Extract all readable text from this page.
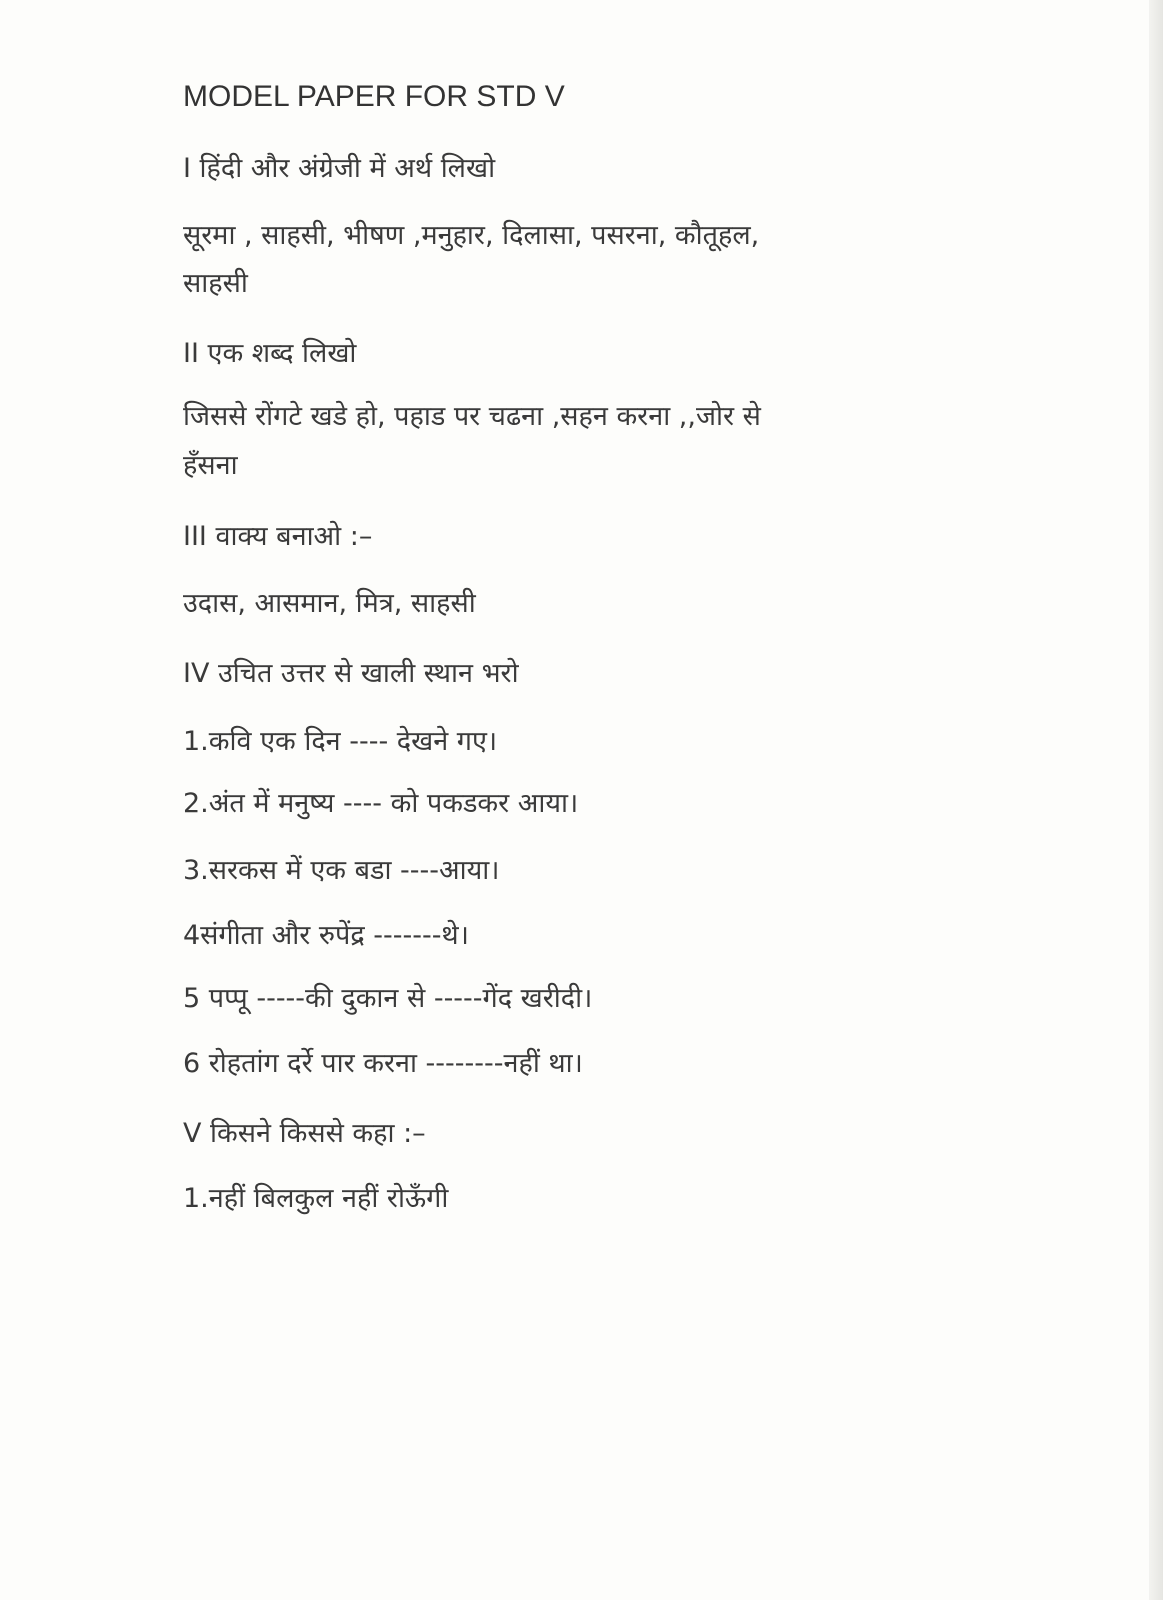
MODEL PAPER FOR STD V
I हिंदी और अंग्रेजी में अर्थ लिखो
सूरमा , साहसी, भीषण ,मनुहार, दिलासा, पसरना, कौतूहल,
साहसी
II एक शब्द लिखो
जिससे रोंगटे खडे हो, पहाड पर चढना ,सहन करना ,,जोर से
हँसना
III वाक्य बनाओ :–
उदास, आसमान, मित्र, साहसी
IV उचित उत्तर से खाली स्थान भरो
1.कवि एक दिन ---- देखने गए।
2.अंत में मनुष्य ---- को पकडकर आया।
3.सरकस में एक बडा ----आया।
4संगीता और रुपेंद्र -------थे।
5 पप्पू -----की दुकान से -----गेंद खरीदी।
6 रोहतांग दर्रे पार करना --------नहीं था।
V किसने किससे कहा :–
1.नहीं बिलकुल नहीं रोऊँगी
